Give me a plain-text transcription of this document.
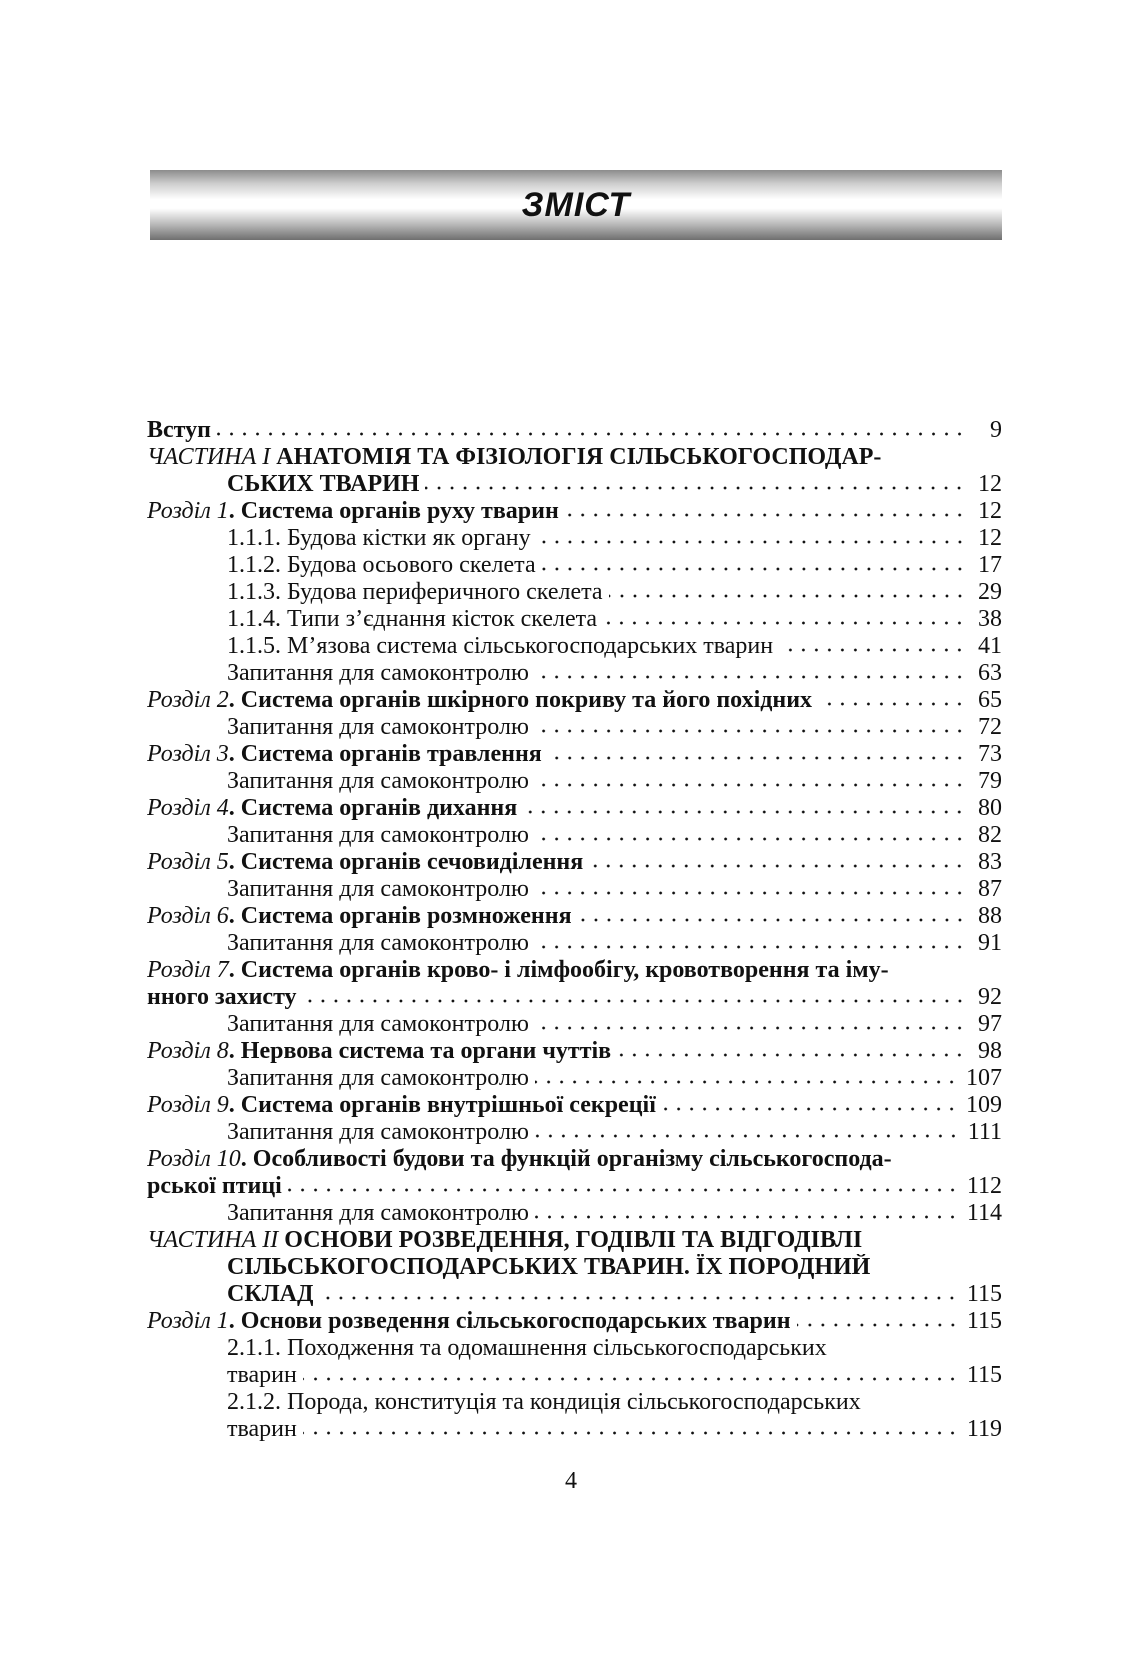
ЗМІСТ
Вступ	9
ЧАСТИНА I АНАТОМІЯ ТА ФІЗІОЛОГІЯ СІЛЬСЬКОГОСПОДАР-
СЬКИХ ТВАРИН	12
Розділ 1. Система органів руху тварин	12
1.1.1. Будова кістки як органу	12
1.1.2. Будова осьового скелета	17
1.1.3. Будова периферичного скелета	29
1.1.4. Типи з’єднання кісток скелета	38
1.1.5. М’язова система сільськогосподарських тварин	41
Запитання для самоконтролю	63
Розділ 2. Система органів шкірного покриву та його похідних	65
Запитання для самоконтролю	72
Розділ 3. Система органів травлення	73
Запитання для самоконтролю	79
Розділ 4. Система органів дихання	80
Запитання для самоконтролю	82
Розділ 5. Система органів сечовиділення	83
Запитання для самоконтролю	87
Розділ 6. Система органів розмноження	88
Запитання для самоконтролю	91
Розділ 7. Система органів крово- і лімфообігу, кровотворення та іму-
нного захисту	92
Запитання для самоконтролю	97
Розділ 8. Нервова система та органи чуттів	98
Запитання для самоконтролю	107
Розділ 9. Система органів внутрішньої секреції	109
Запитання для самоконтролю	111
Розділ 10. Особливості будови та функцій організму сільськогоспода-
рської птиці	112
Запитання для самоконтролю	114
ЧАСТИНА II ОСНОВИ РОЗВЕДЕННЯ, ГОДІВЛІ ТА ВІДГОДІВЛІ
СІЛЬСЬКОГОСПОДАРСЬКИХ ТВАРИН. ЇХ ПОРОДНИЙ
СКЛАД	115
Розділ 1. Основи розведення сільськогосподарських тварин	115
2.1.1. Походження та одомашнення сільськогосподарських
тварин	115
2.1.2. Порода, конституція та кондиція сільськогосподарських
тварин	119
4
